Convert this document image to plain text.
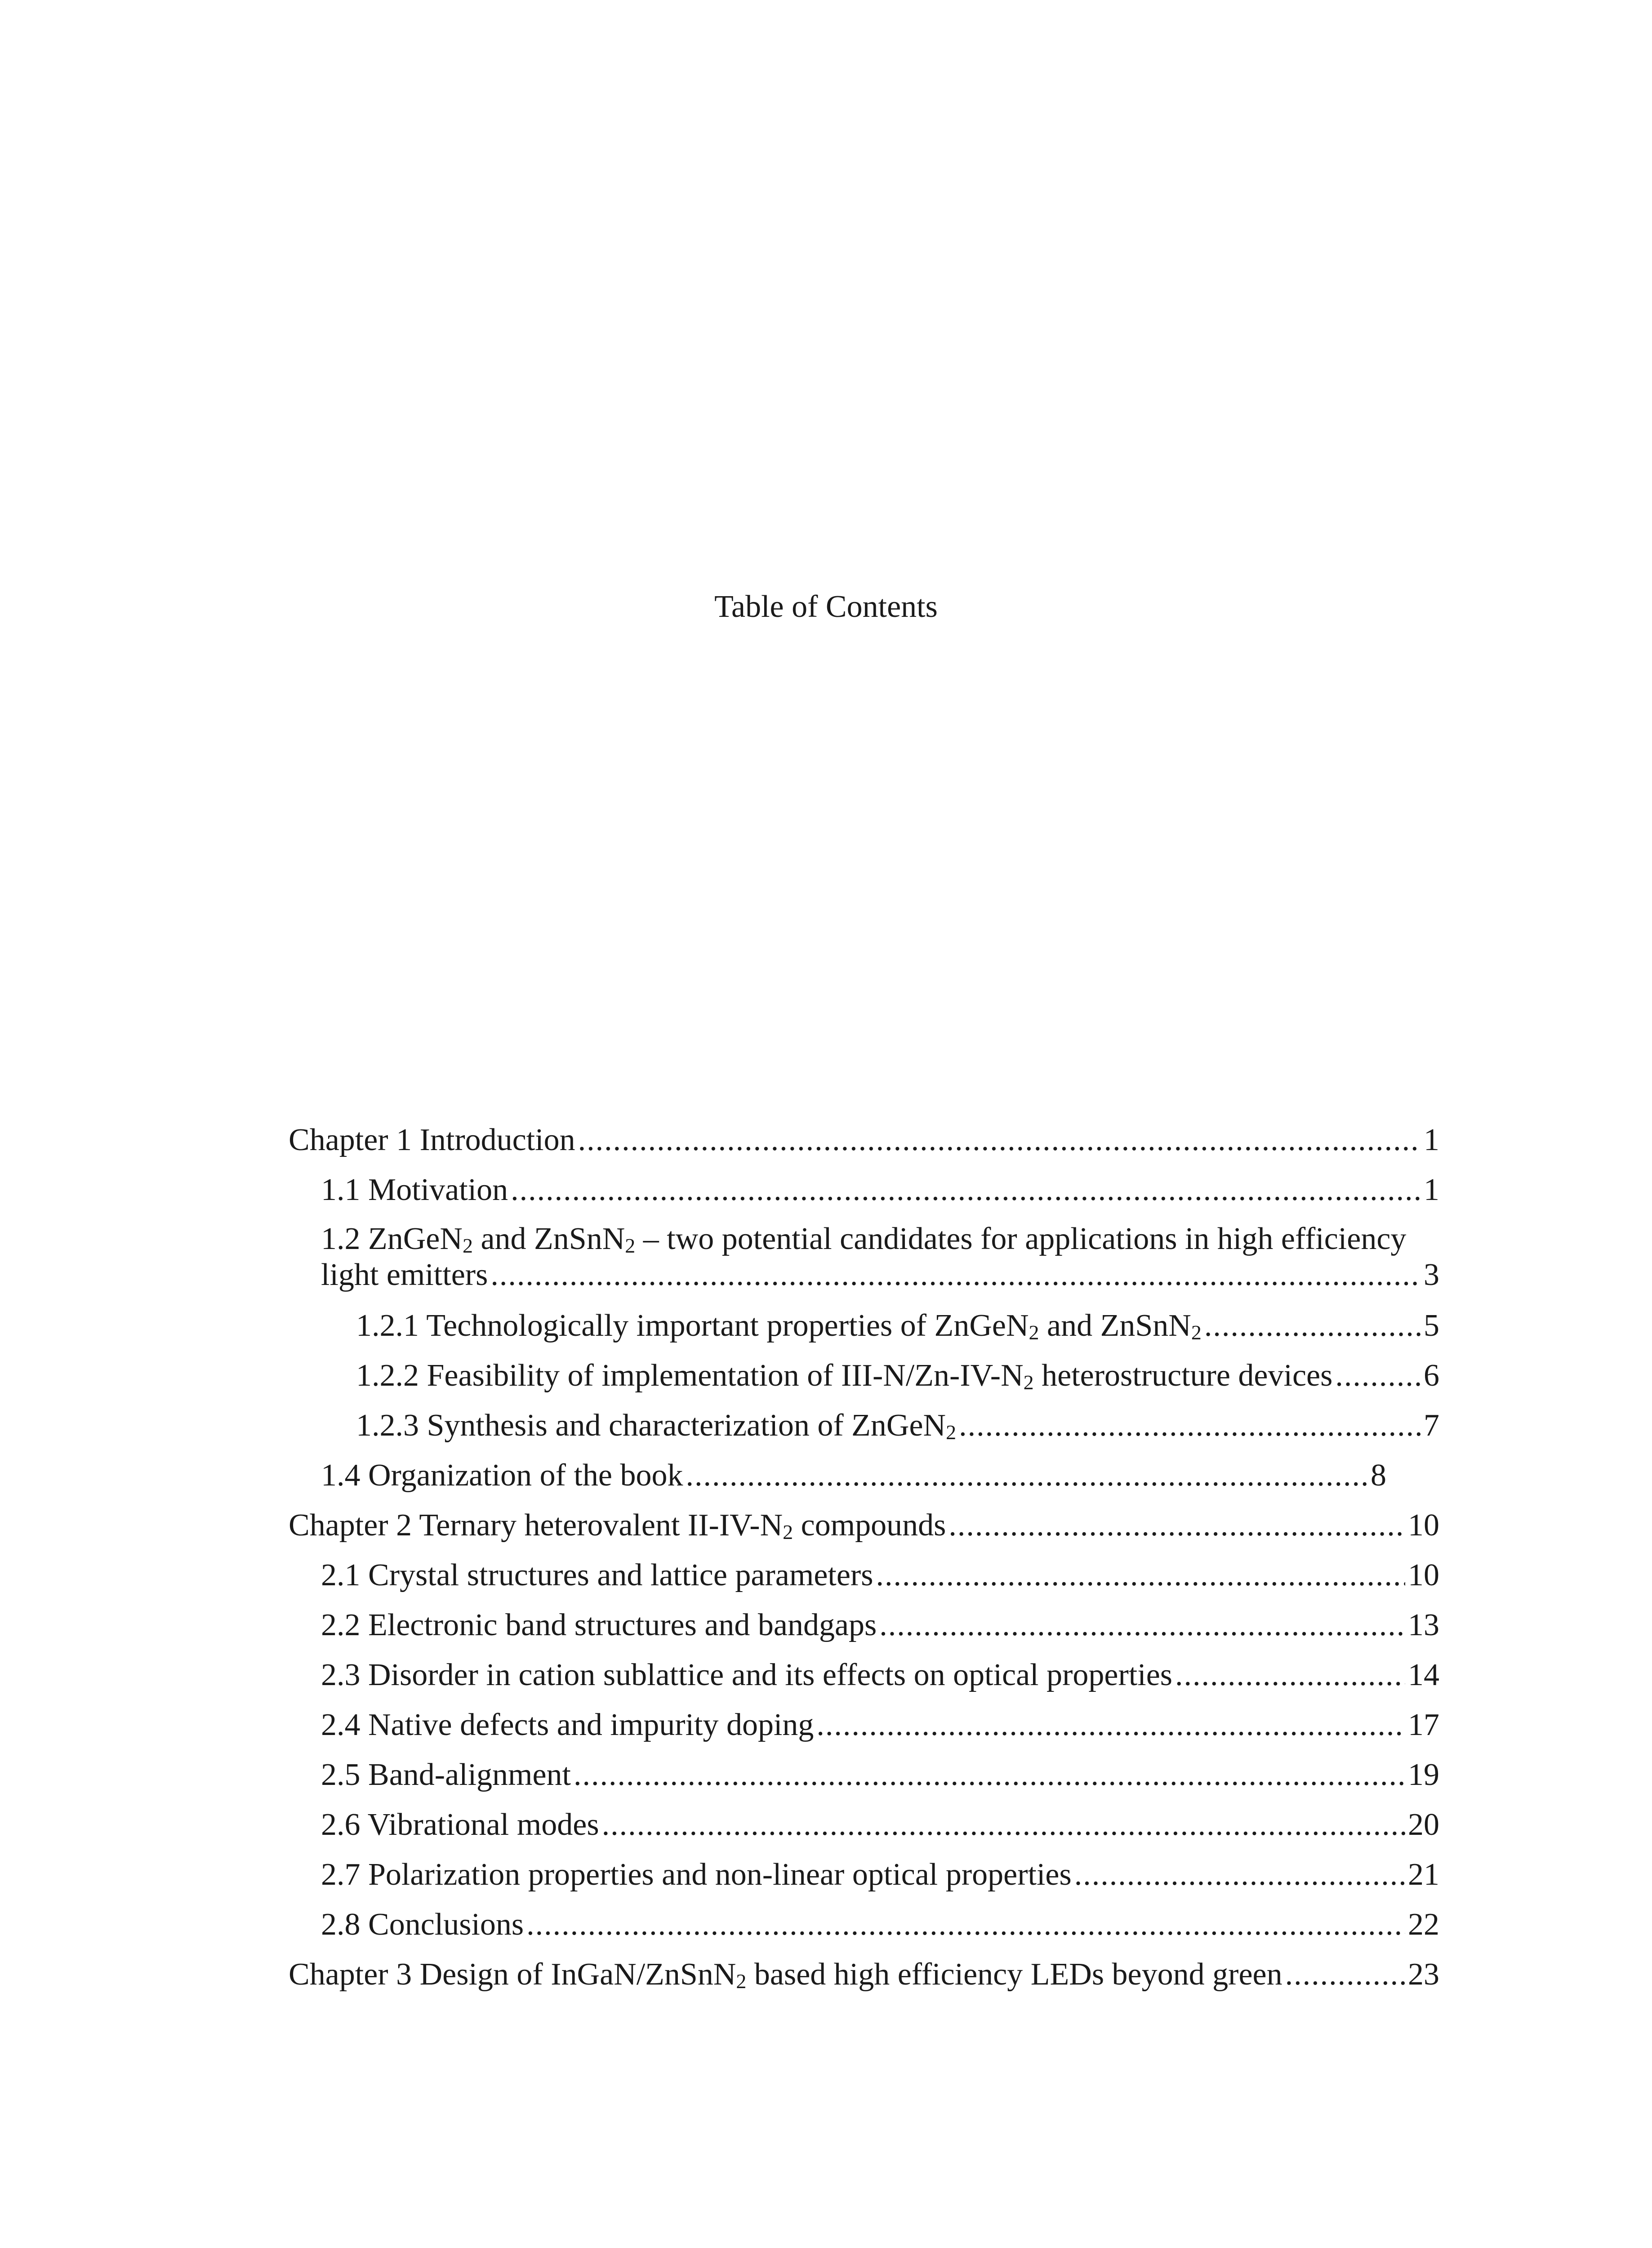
Table of Contents
Chapter 1 Introduction .....	1
1.1 Motivation .....	1
1.2 ZnGeN$_2$ and ZnSnN$_2$ – two potential candidates for applications in high efficiency
light emitters .....	3
1.2.1 Technologically important properties of ZnGeN$_2$ and ZnSnN$_2$ .....	5
1.2.2 Feasibility of implementation of III-$N/Zn-IV-N_2$ heterostructure devices .....	6
1.2.3 Synthesis and characterization of ZnGeN$_2$ .....	7
1.4 Organization of the book .....	8
Chapter 2 Ternary heterovalent $II-IV-N_2$ compounds .....	10
2.1 Crystal structures and lattice parameters .....	10
2.2 Electronic band structures and bandgaps .....	13
2.3 Disorder in cation sublattice and its effects on optical properties .....	14
2.4 Native defects and impurity doping .....	17
2.5 Band-alignment .....	19
2.6 Vibrational modes .....	20
2.7 Polarization properties and non-linear optical properties .....	21
2.8 Conclusions .....	22
Chapter 3 Design of InGaN/ZnSnN$_2$ based high efficiency LEDs beyond green .....	23
